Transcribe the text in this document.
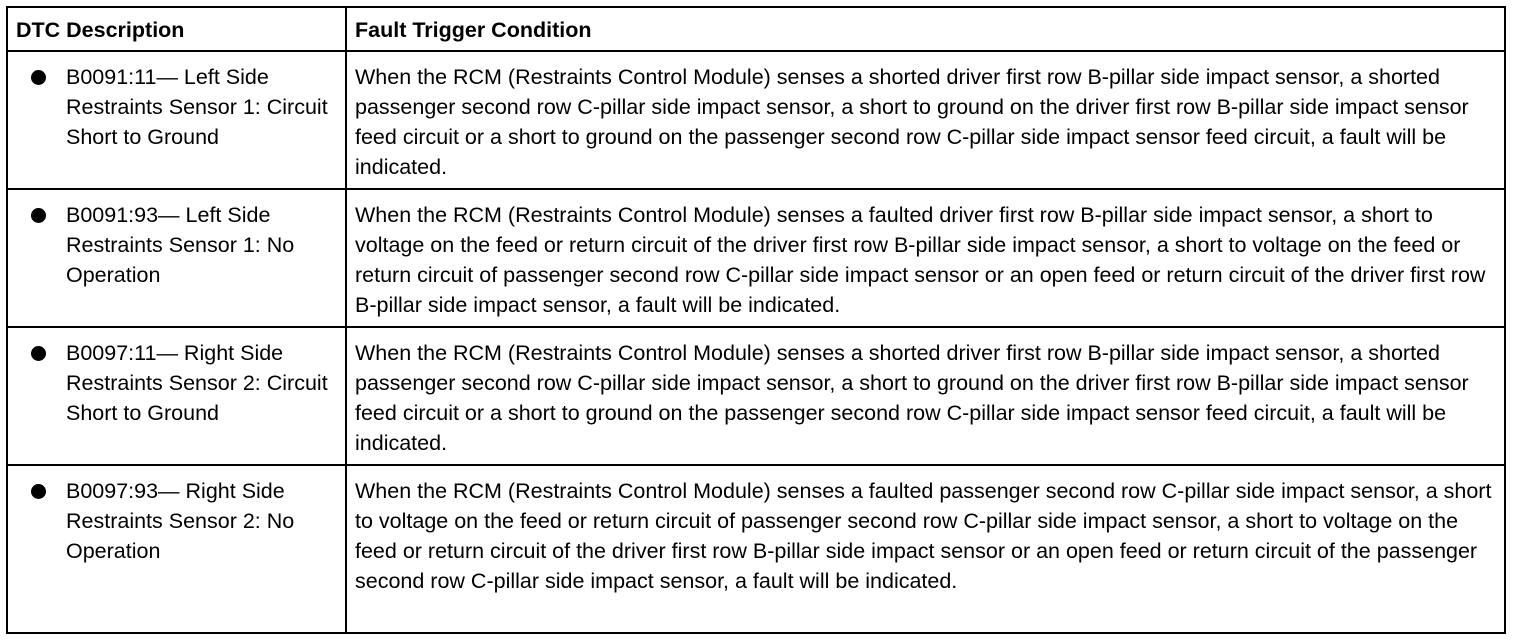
DTC Description	Fault Trigger Condition

B0091:11— Left Side Restraints Sensor 1: Circuit Short to Ground	When the RCM (Restraints Control Module) senses a shorted driver first row B-pillar side impact sensor, a shorted passenger second row C-pillar side impact sensor, a short to ground on the driver first row B-pillar side impact sensor feed circuit or a short to ground on the passenger second row C-pillar side impact sensor feed circuit, a fault will be indicated.

B0091:93— Left Side Restraints Sensor 1: No Operation	When the RCM (Restraints Control Module) senses a faulted driver first row B-pillar side impact sensor, a short to voltage on the feed or return circuit of the driver first row B-pillar side impact sensor, a short to voltage on the feed or return circuit of passenger second row C-pillar side impact sensor or an open feed or return circuit of the driver first row B-pillar side impact sensor, a fault will be indicated.

B0097:11— Right Side Restraints Sensor 2: Circuit Short to Ground	When the RCM (Restraints Control Module) senses a shorted driver first row B-pillar side impact sensor, a shorted passenger second row C-pillar side impact sensor, a short to ground on the driver first row B-pillar side impact sensor feed circuit or a short to ground on the passenger second row C-pillar side impact sensor feed circuit, a fault will be indicated.

B0097:93— Right Side Restraints Sensor 2: No Operation	When the RCM (Restraints Control Module) senses a faulted passenger second row C-pillar side impact sensor, a short to voltage on the feed or return circuit of passenger second row C-pillar side impact sensor, a short to voltage on the feed or return circuit of the driver first row B-pillar side impact sensor or an open feed or return circuit of the passenger second row C-pillar side impact sensor, a fault will be indicated.
